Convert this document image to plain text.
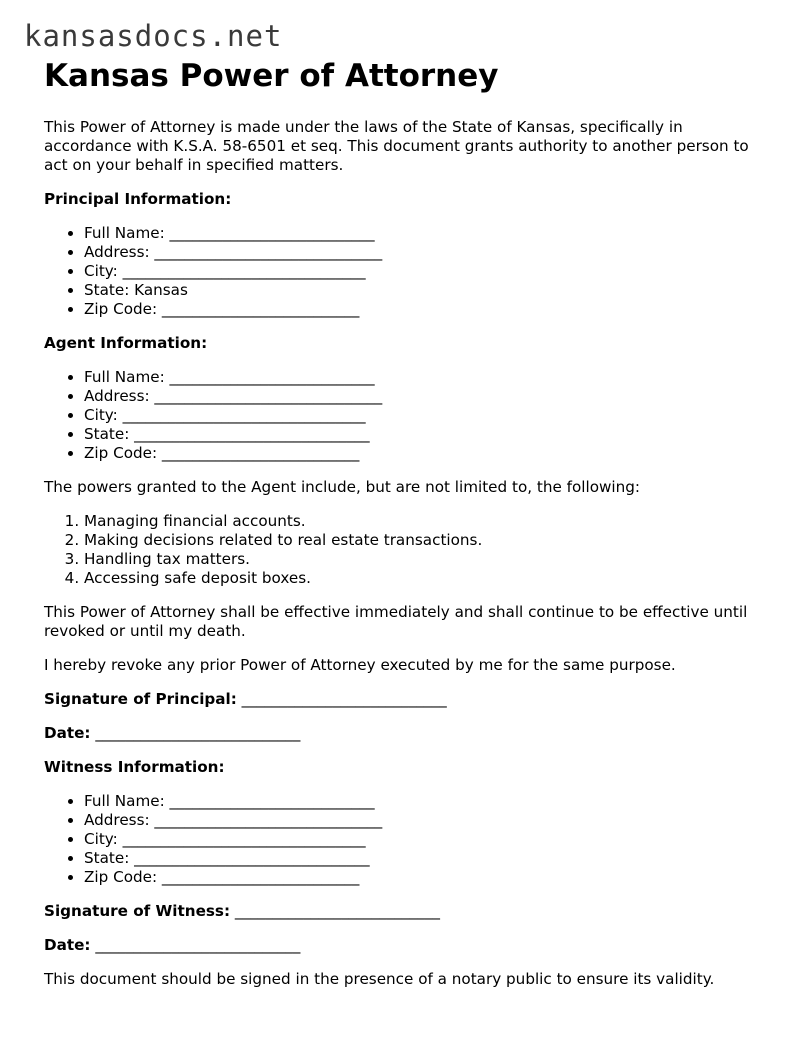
kansasdocs.net
Kansas Power of Attorney

This Power of Attorney is made under the laws of the State of Kansas, specifically in accordance with K.S.A. 58-6501 et seq. This document grants authority to another person to act on your behalf in specified matters.

Principal Information:
• Full Name: ___________________________
• Address: ______________________________
• City: ________________________________
• State: Kansas
• Zip Code: __________________________
Agent Information:
• Full Name: ___________________________
• Address: ______________________________
• City: ________________________________
• State: _______________________________
• Zip Code: __________________________

The powers granted to the Agent include, but are not limited to, the following:

1. Managing financial accounts.
2. Making decisions related to real estate transactions.
3. Handling tax matters.
4. Accessing safe deposit boxes.

This Power of Attorney shall be effective immediately and shall continue to be effective until revoked or until my death.

I hereby revoke any prior Power of Attorney executed by me for the same purpose.

Signature of Principal: ___________________________

Date: ___________________________

Witness Information:
• Full Name: ___________________________
• Address: ______________________________
• City: ________________________________
• State: _______________________________
• Zip Code: __________________________

Signature of Witness: ___________________________

Date: ___________________________

This document should be signed in the presence of a notary public to ensure its validity.
